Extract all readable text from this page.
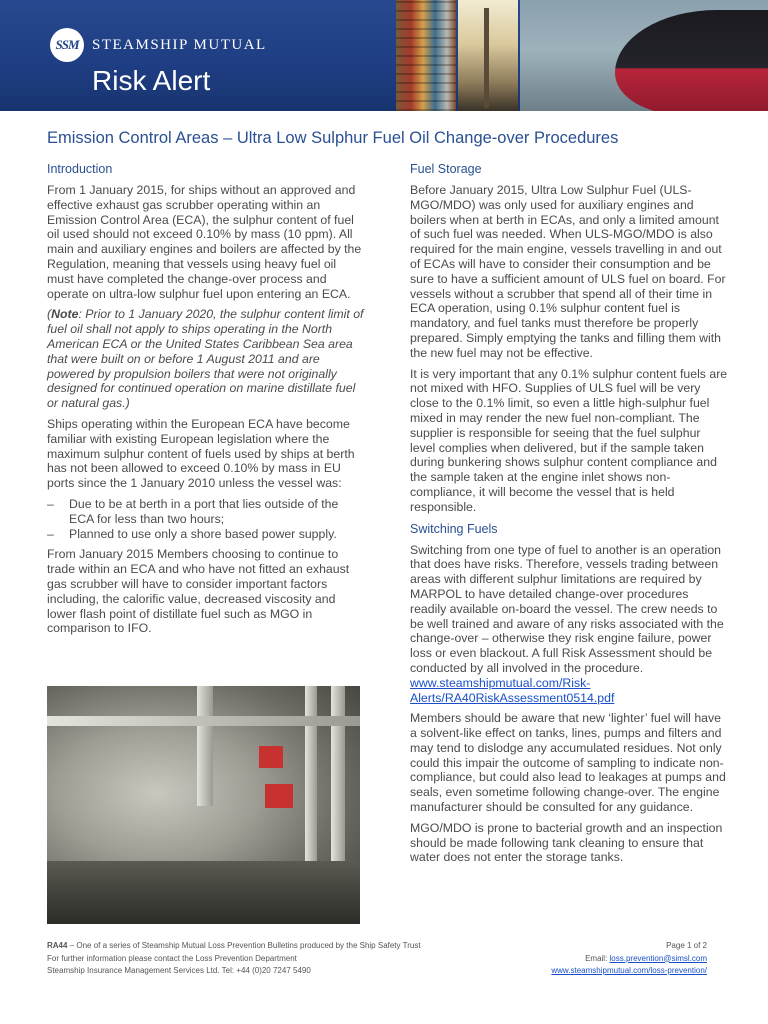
SSM STEAMSHIP MUTUAL
Risk Alert
Emission Control Areas – Ultra Low Sulphur Fuel Oil Change-over Procedures
Introduction

From 1 January 2015, for ships without an approved and effective exhaust gas scrubber operating within an Emission Control Area (ECA), the sulphur content of fuel oil used should not exceed 0.10% by mass (10 ppm). All main and auxiliary engines and boilers are affected by the Regulation, meaning that vessels using heavy fuel oil must have completed the change-over process and operate on ultra-low sulphur fuel upon entering an ECA.

(Note: Prior to 1 January 2020, the sulphur content limit of fuel oil shall not apply to ships operating in the North American ECA or the United States Caribbean Sea area that were built on or before 1 August 2011 and are powered by propulsion boilers that were not originally designed for continued operation on marine distillate fuel or natural gas.)

Ships operating within the European ECA have become familiar with existing European legislation where the maximum sulphur content of fuels used by ships at berth has not been allowed to exceed 0.10% by mass in EU ports since the 1 January 2010 unless the vessel was:

– Due to be at berth in a port that lies outside of the ECA for less than two hours;
– Planned to use only a shore based power supply.

From January 2015 Members choosing to continue to trade within an ECA and who have not fitted an exhaust gas scrubber will have to consider important factors including, the calorific value, decreased viscosity and lower flash point of distillate fuel such as MGO in comparison to IFO.

Fuel Storage

Before January 2015, Ultra Low Sulphur Fuel (ULS-MGO/MDO) was only used for auxiliary engines and boilers when at berth in ECAs, and only a limited amount of such fuel was needed. When ULS-MGO/MDO is also required for the main engine, vessels travelling in and out of ECAs will have to consider their consumption and be sure to have a sufficient amount of ULS fuel on board. For vessels without a scrubber that spend all of their time in ECA operation, using 0.1% sulphur content fuel is mandatory, and fuel tanks must therefore be properly prepared. Simply emptying the tanks and filling them with the new fuel may not be effective.

It is very important that any 0.1% sulphur content fuels are not mixed with HFO. Supplies of ULS fuel will be very close to the 0.1% limit, so even a little high-sulphur fuel mixed in may render the new fuel non-compliant. The supplier is responsible for seeing that the fuel sulphur level complies when delivered, but if the sample taken during bunkering shows sulphur content compliance and the sample taken at the engine inlet shows non-compliance, it will become the vessel that is held responsible.

Switching Fuels

Switching from one type of fuel to another is an operation that does have risks. Therefore, vessels trading between areas with different sulphur limitations are required by MARPOL to have detailed change-over procedures readily available on-board the vessel. The crew needs to be well trained and aware of any risks associated with the change-over – otherwise they risk engine failure, power loss or even blackout. A full Risk Assessment should be conducted by all involved in the procedure. www.steamshipmutual.com/Risk-Alerts/RA40RiskAssessment0514.pdf

Members should be aware that new ‘lighter’ fuel will have a solvent-like effect on tanks, lines, pumps and filters and may tend to dislodge any accumulated residues. Not only could this impair the outcome of sampling to indicate non-compliance, but could also lead to leakages at pumps and seals, even sometime following change-over. The engine manufacturer should be consulted for any guidance.

MGO/MDO is prone to bacterial growth and an inspection should be made following tank cleaning to ensure that water does not enter the storage tanks.

RA44 – One of a series of Steamship Mutual Loss Prevention Bulletins produced by the Ship Safety Trust
For further information please contact the Loss Prevention Department
Steamship Insurance Management Services Ltd. Tel: +44 (0)20 7247 5490
Page 1 of 2
Email: loss.prevention@simsl.com
www.steamshipmutual.com/loss-prevention/
